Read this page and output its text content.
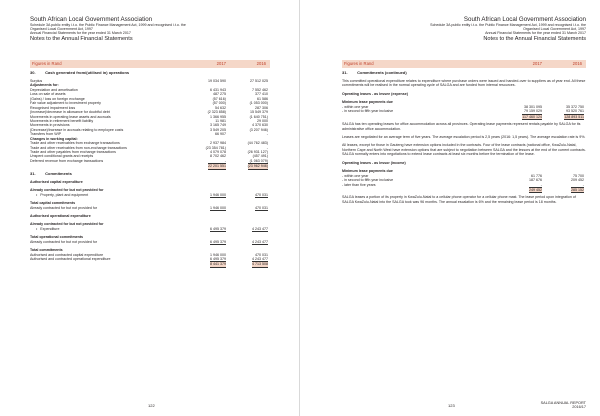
South African Local Government Association
Schedule 3A public entity i.t.o. the Public Finance Management Act, 1999 and recognised i.t.o. the
Organised Local Government Act, 1997
Annual Financial Statements for the year ended 31 March 2017
Notes to the Annual Financial Statements
Figures in Rand	2017	2016
30. Cash generated from/(utilised in) operations
Surplus	19 034 590	27 512 025
Adjustments for:
Depreciation and amortisation	6 431 943	7 552 462
Loss on sale of assets	487 275	377 410
(Gains) / loss on foreign exchange	(57 616)	61 586
Fair value adjustment to investment property	(57 000)	(1 053 000)
Recognised impairment loss	54 632	287 306
(Increase)/decrease in allowance for doubtful debt	(2 323 858)	15 549 379
Movements in operating lease assets and accruals	1 366 955	(1 640 751)
Movements in retirement benefit liability	11 981	29 000
Movements in provisions	3 165 749	4 370 630
(Decrease)/increase in accruals relating to employee costs	3 549 205	(3 207 946)
Transfers from WIP	66 907	-
Changes in working capital:
Trade and other receivables from exchange transactions	2 937 984	(44 762 483)
Trade and other receivables from non-exchange transactions	(23 354 781)	-
Trade and other payables from exchange transactions	4 079 078	(26 931 127)
Unspent conditional grants and receipts	8 702 462	(457 491)
Deferred revenue from exchange transactions	-	(1 063 079)
22 201 551	(23 962 946)
31. Commitments
Authorised capital expenditure
Already contracted for but not provided for
• Property, plant and equipment	1 946 000	470 031
Total capital commitments
Already contracted for but not provided for	1 946 000	470 031
Authorised operational expenditure
Already contracted for but not provided for
• Expenditure	6 495 379	4 243 477
Total operational commitments
Already contracted for but not provided for	6 495 379	4 243 477
Total commitments
Authorised and contracted capital expenditure	1 946 000	470 031
Authorised and contracted operational expenditure	6 495 379	4 243 477
8 441 379	4 713 508
122
South African Local Government Association
Schedule 3A public entity i.t.o. the Public Finance Management Act, 1999 and recognised i.t.o. the
Organised Local Government Act, 1997
Annual Financial Statements for the year ended 31 March 2017
Notes to the Annual Financial Statements
Figures in Rand	2017	2016
31. Commitments (continued)

This committed operational expenditure relates to expenditure where purchase orders were issued and handed-over to suppliers as of year end. All these commitments will be realised in the normal operating cycle of SALGA and are funded from internal resources.

Operating leases - as lessee (expense)
Minimum lease payments due
- within one year	38 301 095	35 372 750
- in second to fifth year inclusive	79 159 029	93 520 761
117 460 124	128 893 511

SALGA has ten operating leases for office accommodation across all provinces. Operating lease payments represent rentals payable by SALGA for its administrative office accommodation.

Leases are negotiated for an average term of five years. The average escalation period is 2,5 years (2016: 1,5 years). The average escalation rate is 9%.

All leases, except for those in Gauteng have extension options included in the contracts. Four of the lease contracts (national office, KwaZulu-Natal, Northern Cape and North West have extension options that are subject to negotiation between SALGA and the lessors at the end of the current contracts. SALGA normally enters into negotiations to extend lease contracts at least six months before the termination of the lease.

Operating leases - as lessor (income)
Minimum lease payments due
- within one year	61 776	75 700
- in second to fifth year inclusive	187 676	209 452
- later than five years	-	-
249 452	285 152

SALGA leases a portion of its property in KwaZulu-Natal to a cellular phone operator for a cellular phone mast. The lease period upon integration of SALGA KwaZulu-Natal into the SALGA took was 96 months. The annual escalation is 6% and the remaining lease period is 18 months.

123
SALGA ANNUAL REPORT
2016/17
